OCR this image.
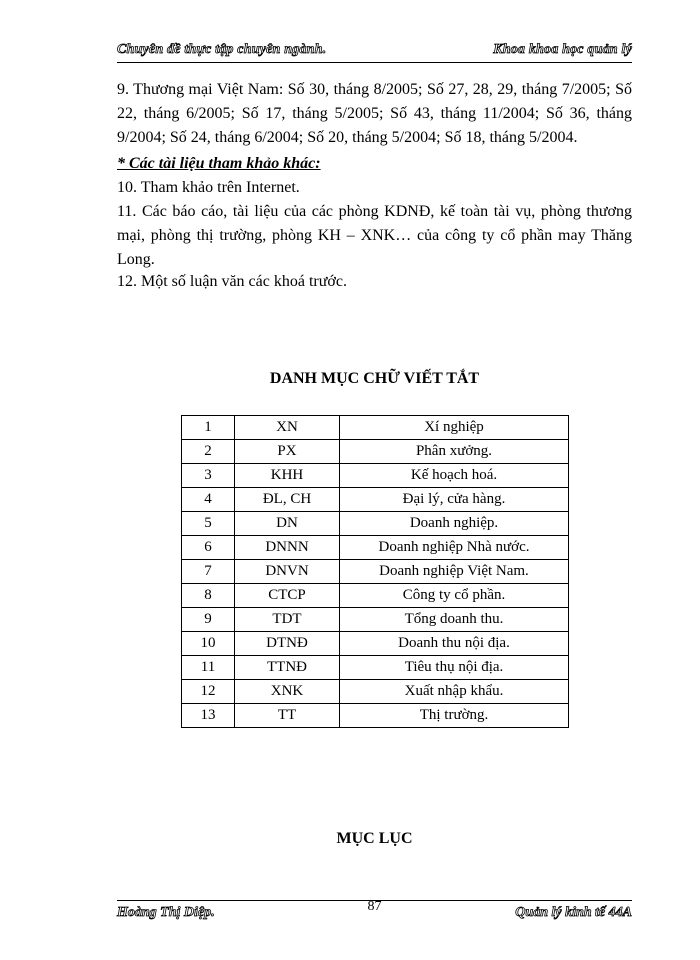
Chuyên đề thực tập chuyên ngành.	Khoa khoa học quản lý

9. Thương mại Việt Nam: Số 30, tháng 8/2005; Số 27, 28, 29, tháng 7/2005; Số 22, tháng 6/2005; Số 17, tháng 5/2005; Số 43, tháng 11/2004; Số 36, tháng 9/2004; Số 24, tháng 6/2004; Số 20, tháng 5/2004; Số 18, tháng 5/2004.

* Các tài liệu tham khảo khác:
10. Tham khảo trên Internet.

11. Các báo cáo, tài liệu của các phòng KDNĐ, kế toàn tài vụ, phòng thương mại, phòng thị trường, phòng KH – XNK… của công ty cổ phần may Thăng Long.

12. Một số luận văn các khoá trước.
DANH MỤC CHỮ VIẾT TẮT
1	XN	Xí nghiệp
2	PX	Phân xưởng.
3	KHH	Kế hoạch hoá.
4	ĐL, CH	Đại lý, cửa hàng.
5	DN	Doanh nghiệp.
6	DNNN	Doanh nghiệp Nhà nước.
7	DNVN	Doanh nghiệp Việt Nam.
8	CTCP	Công ty cổ phần.
9	TDT	Tổng doanh thu.
10	DTNĐ	Doanh thu nội địa.
11	TTNĐ	Tiêu thụ nội địa.
12	XNK	Xuất nhập khẩu.
13	TT	Thị trường.
MỤC LỤC
Hoàng Thị Diệp.	87	Quản lý kinh tế 44A
